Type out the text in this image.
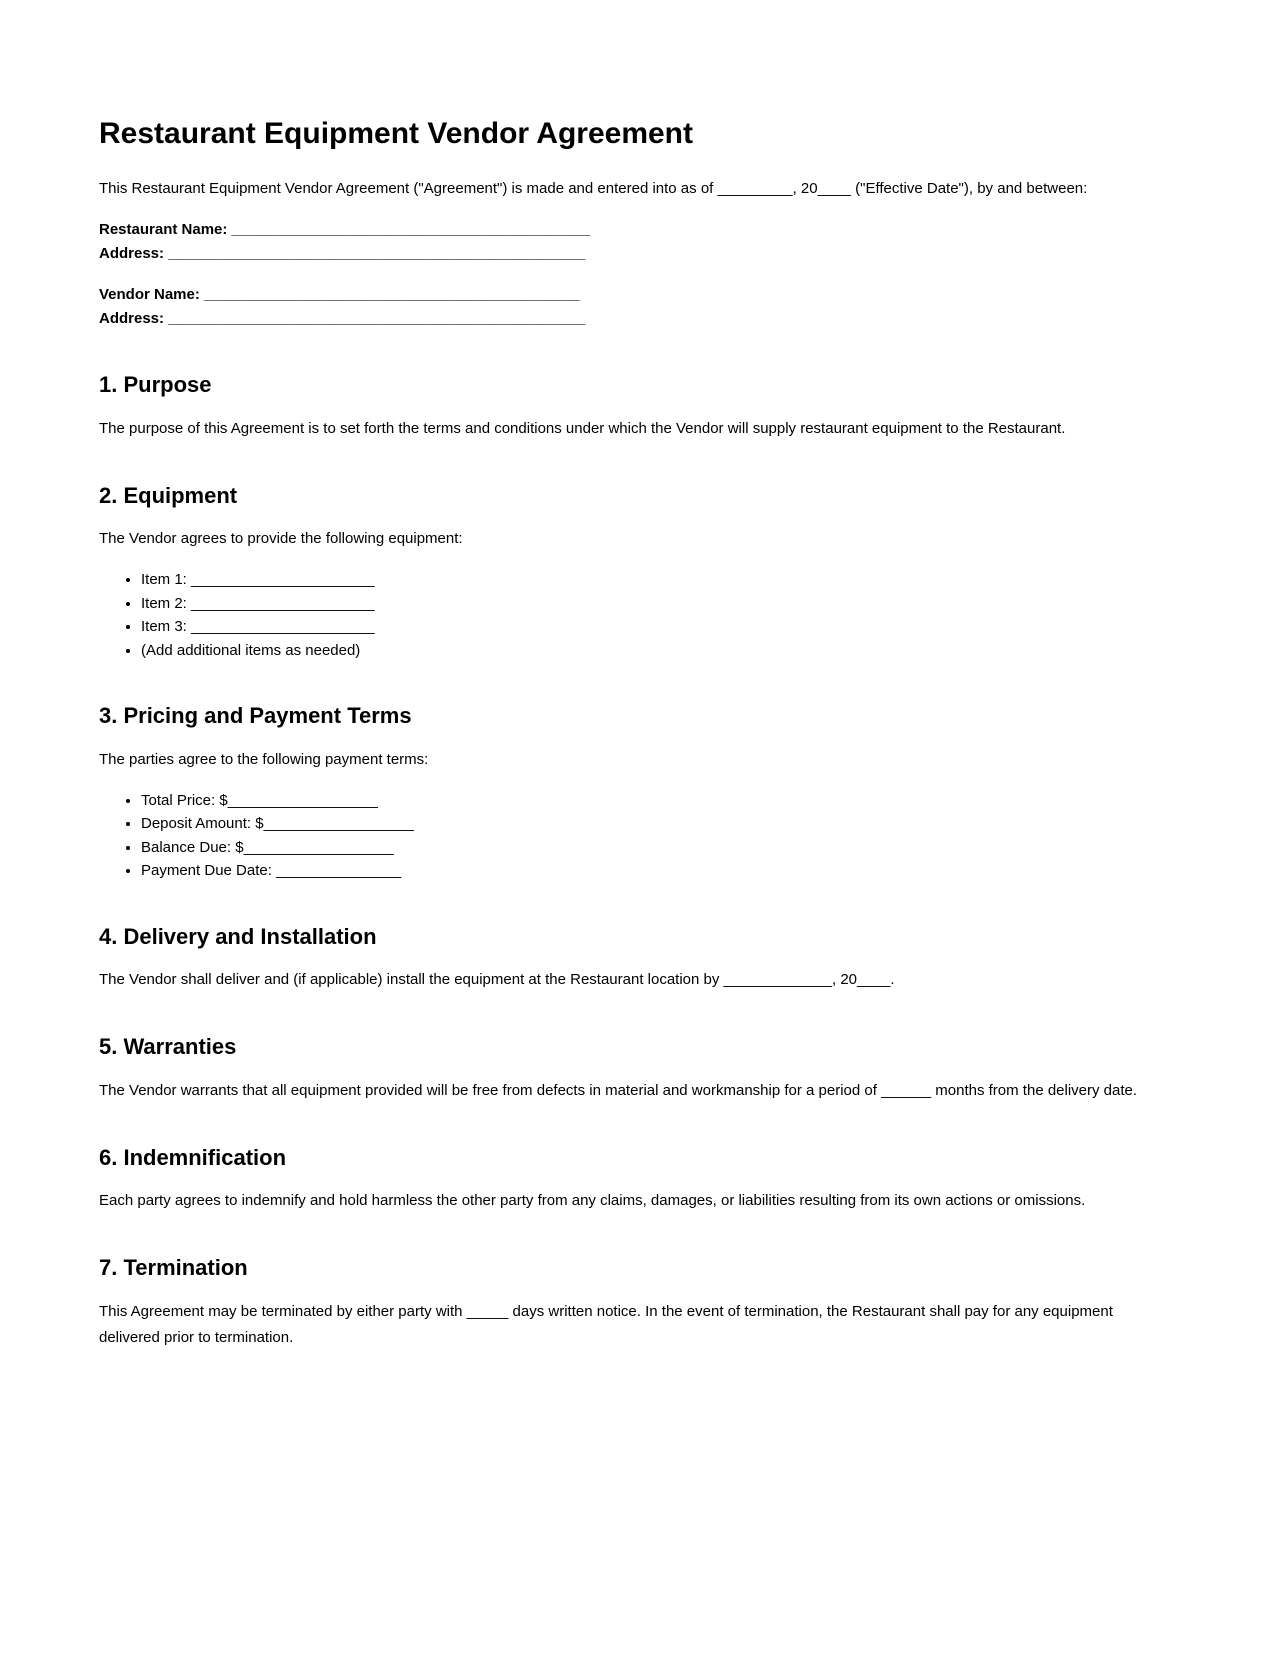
Restaurant Equipment Vendor Agreement

This Restaurant Equipment Vendor Agreement ("Agreement") is made and entered into as of _________, 20____ ("Effective Date"), by and between:

Restaurant Name: ___________________________________________
Address: __________________________________________________
Vendor Name: _____________________________________________
Address: __________________________________________________
1. Purpose

The purpose of this Agreement is to set forth the terms and conditions under which the Vendor will supply restaurant equipment to the Restaurant.

2. Equipment

The Vendor agrees to provide the following equipment:

• Item 1: ______________________
• Item 2: ______________________
• Item 3: ______________________
• (Add additional items as needed)
3. Pricing and Payment Terms

The parties agree to the following payment terms:

• Total Price: $__________________
• Deposit Amount: $__________________
• Balance Due: $__________________
• Payment Due Date: _______________
4. Delivery and Installation

The Vendor shall deliver and (if applicable) install the equipment at the Restaurant location by _____________, 20____.

5. Warranties

The Vendor warrants that all equipment provided will be free from defects in material and workmanship for a period of ______ months from the delivery date.

6. Indemnification

Each party agrees to indemnify and hold harmless the other party from any claims, damages, or liabilities resulting from its own actions or omissions.

7. Termination

This Agreement may be terminated by either party with _____ days written notice. In the event of termination, the Restaurant shall pay for any equipment delivered prior to termination.
